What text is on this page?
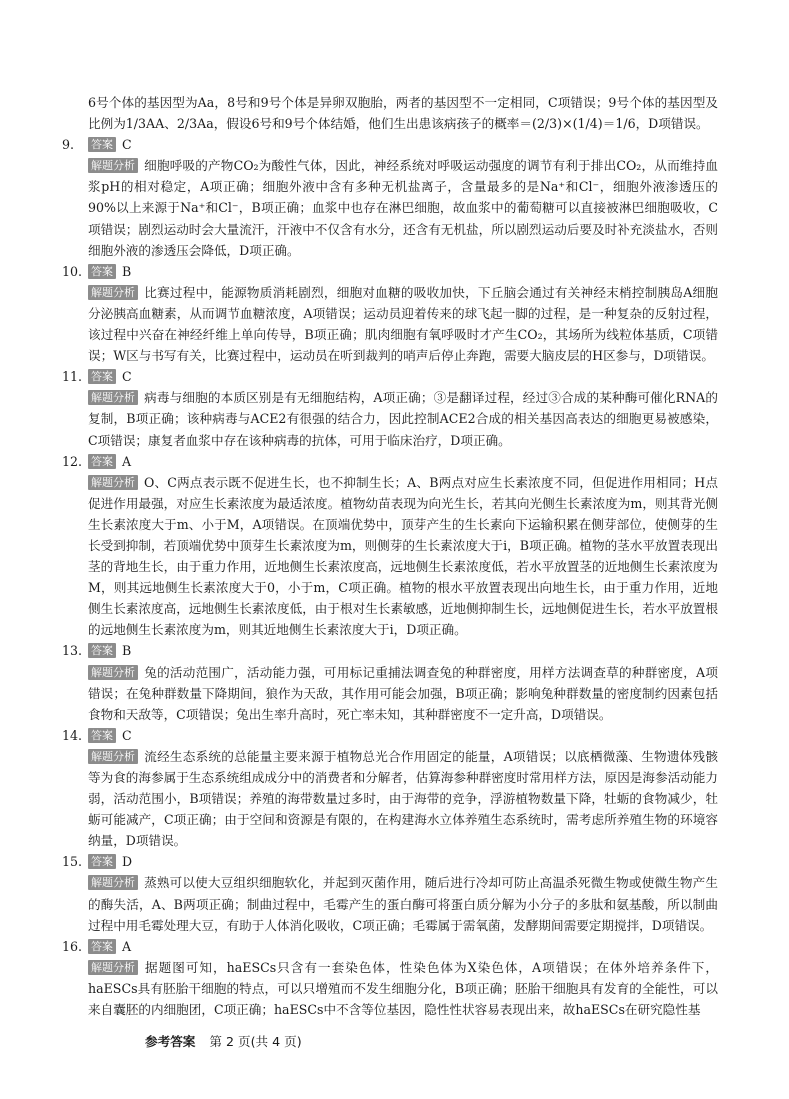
6号个体的基因型为Aa，8号和9号个体是异卵双胞胎，两者的基因型不一定相同，C项错误；9号个体的基因型及比例为1/3AA、2/3Aa，假设6号和9号个体结婚，他们生出患该病孩子的概率＝(2/3)×(1/4)＝1/6，D项错误。

9. 答案 C

解题分析 细胞呼吸的产物CO₂为酸性气体，因此，神经系统对呼吸运动强度的调节有利于排出CO₂，从而维持血浆pH的相对稳定，A项正确；细胞外液中含有多种无机盐离子，含量最多的是Na⁺和Cl⁻，细胞外液渗透压的90%以上来源于Na⁺和Cl⁻，B项正确；血浆中也存在淋巴细胞，故血浆中的葡萄糖可以直接被淋巴细胞吸收，C项错误；剧烈运动时会大量流汗，汗液中不仅含有水分，还含有无机盐，所以剧烈运动后要及时补充淡盐水，否则细胞外液的渗透压会降低，D项正确。

10. 答案 B

解题分析 比赛过程中，能源物质消耗剧烈，细胞对血糖的吸收加快，下丘脑会通过有关神经末梢控制胰岛A细胞分泌胰高血糖素，从而调节血糖浓度，A项错误；运动员迎着传来的球飞起一脚的过程，是一种复杂的反射过程，该过程中兴奋在神经纤维上单向传导，B项正确；肌肉细胞有氧呼吸时才产生CO₂，其场所为线粒体基质，C项错误；W区与书写有关，比赛过程中，运动员在听到裁判的哨声后停止奔跑，需要大脑皮层的H区参与，D项错误。

11. 答案 C

解题分析 病毒与细胞的本质区别是有无细胞结构，A项正确；③是翻译过程，经过③合成的某种酶可催化RNA的复制，B项正确；该种病毒与ACE2有很强的结合力，因此控制ACE2合成的相关基因高表达的细胞更易被感染，C项错误；康复者血浆中存在该种病毒的抗体，可用于临床治疗，D项正确。

12. 答案 A

解题分析 O、C两点表示既不促进生长，也不抑制生长；A、B两点对应生长素浓度不同，但促进作用相同；H点促进作用最强，对应生长素浓度为最适浓度。植物幼苗表现为向光生长，若其向光侧生长素浓度为m，则其背光侧生长素浓度大于m、小于M，A项错误。在顶端优势中，顶芽产生的生长素向下运输积累在侧芽部位，使侧芽的生长受到抑制，若顶端优势中顶芽生长素浓度为m，则侧芽的生长素浓度大于i，B项正确。植物的茎水平放置表现出茎的背地生长，由于重力作用，近地侧生长素浓度高，远地侧生长素浓度低，若水平放置茎的近地侧生长素浓度为M，则其远地侧生长素浓度大于0，小于m，C项正确。植物的根水平放置表现出向地生长，由于重力作用，近地侧生长素浓度高，远地侧生长素浓度低，由于根对生长素敏感，近地侧抑制生长，远地侧促进生长，若水平放置根的远地侧生长素浓度为m，则其近地侧生长素浓度大于i，D项正确。

13. 答案 B

解题分析 兔的活动范围广，活动能力强，可用标记重捕法调查兔的种群密度，用样方法调查草的种群密度，A项错误；在兔种群数量下降期间，狼作为天敌，其作用可能会加强，B项正确；影响兔种群数量的密度制约因素包括食物和天敌等，C项错误；兔出生率升高时，死亡率未知，其种群密度不一定升高，D项错误。

14. 答案 C

解题分析 流经生态系统的总能量主要来源于植物总光合作用固定的能量，A项错误；以底栖微藻、生物遗体残骸等为食的海参属于生态系统组成成分中的消费者和分解者，估算海参种群密度时常用样方法，原因是海参活动能力弱，活动范围小，B项错误；养殖的海带数量过多时，由于海带的竞争，浮游植物数量下降，牡蛎的食物减少，牡蛎可能减产，C项正确；由于空间和资源是有限的，在构建海水立体养殖生态系统时，需考虑所养殖生物的环境容纳量，D项错误。

15. 答案 D

解题分析 蒸熟可以使大豆组织细胞软化，并起到灭菌作用，随后进行冷却可防止高温杀死微生物或使微生物产生的酶失活，A、B两项正确；制曲过程中，毛霉产生的蛋白酶可将蛋白质分解为小分子的多肽和氨基酸，所以制曲过程中用毛霉处理大豆，有助于人体消化吸收，C项正确；毛霉属于需氧菌，发酵期间需要定期搅拌，D项错误。

16. 答案 A

解题分析 据题图可知，haESCs只含有一套染色体，性染色体为X染色体，A项错误；在体外培养条件下，haESCs具有胚胎干细胞的特点，可以只增殖而不发生细胞分化，B项正确；胚胎干细胞具有发育的全能性，可以来自囊胚的内细胞团，C项正确；haESCs中不含等位基因，隐性性状容易表现出来，故haESCs在研究隐性基

参考答案 第 2 页(共 4 页)
